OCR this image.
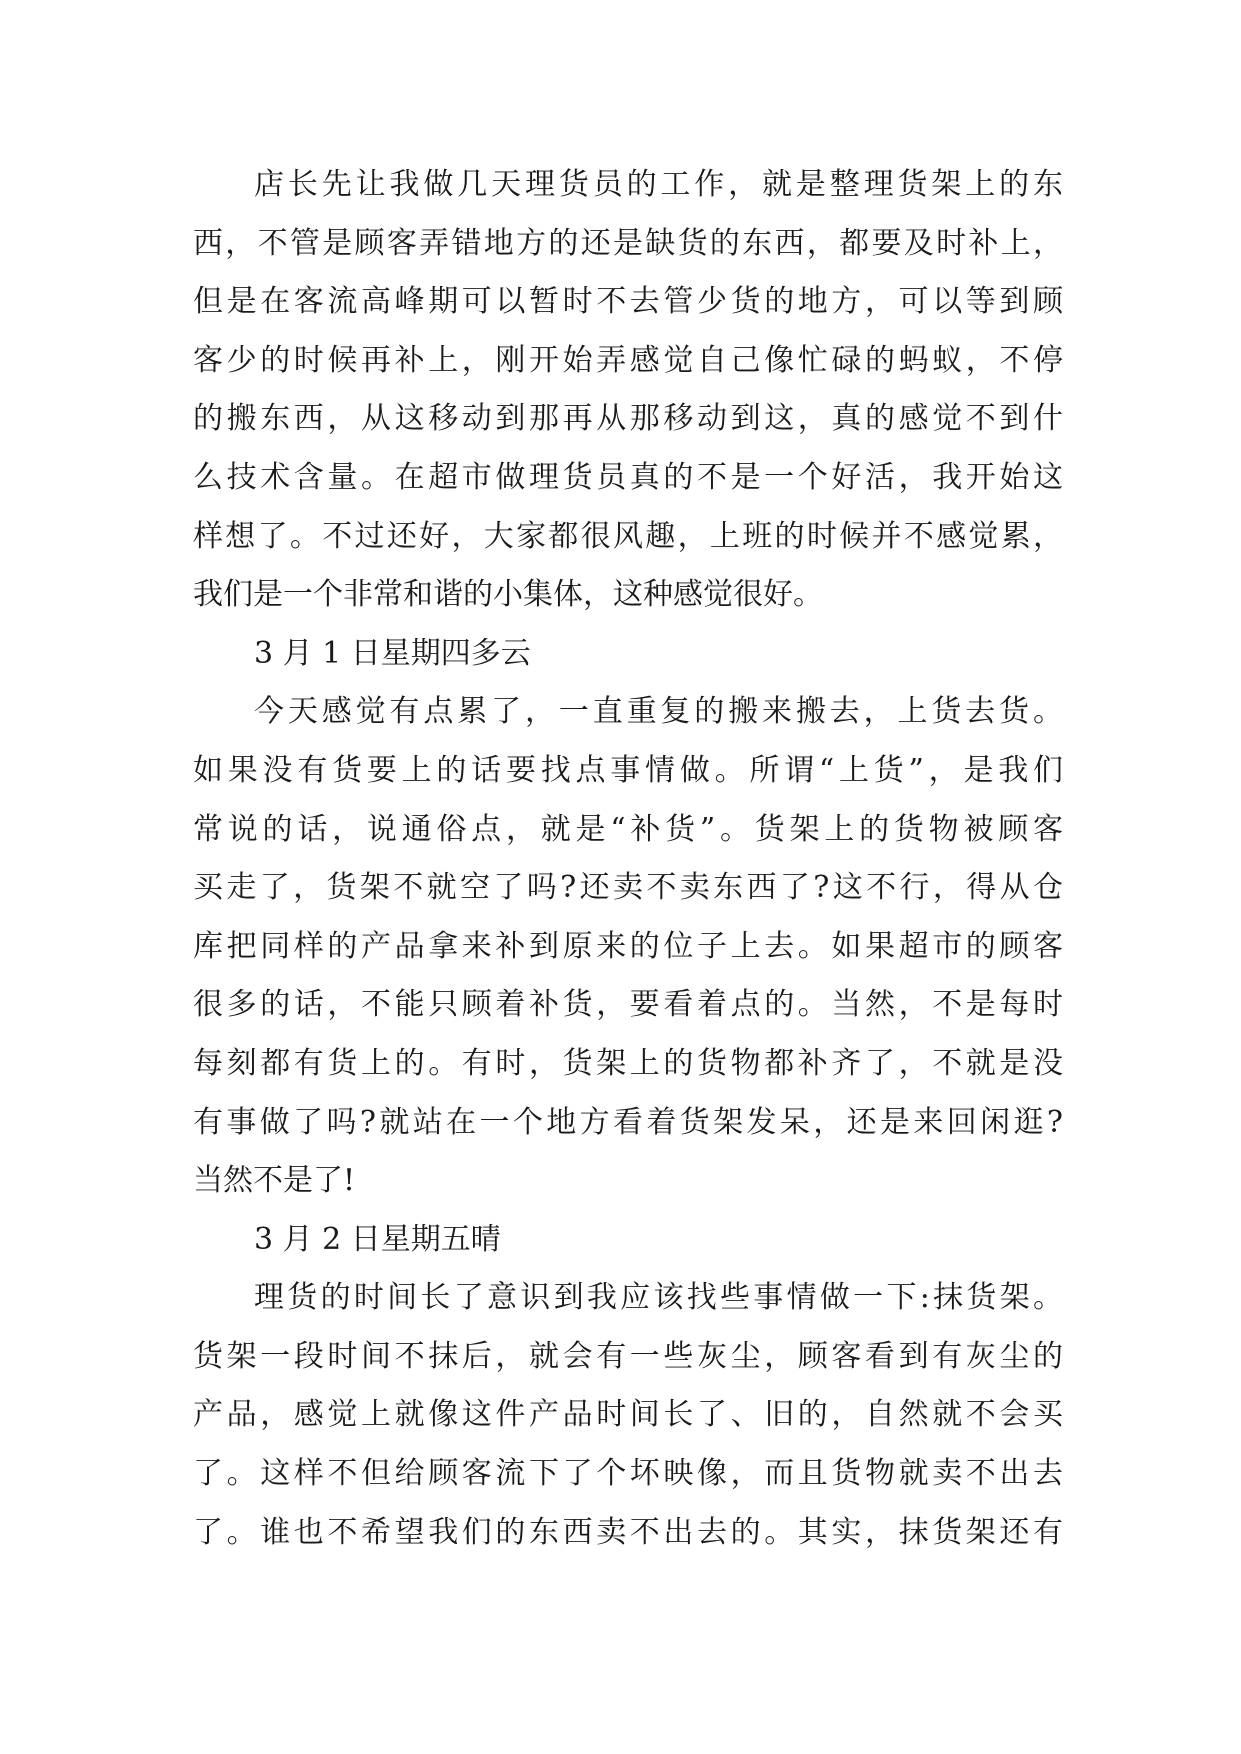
店长先让我做几天理货员的工作，就是整理货架上的东
西，不管是顾客弄错地方的还是缺货的东西，都要及时补上，
但是在客流高峰期可以暂时不去管少货的地方，可以等到顾
客少的时候再补上，刚开始弄感觉自己像忙碌的蚂蚁，不停
的搬东西，从这移动到那再从那移动到这，真的感觉不到什
么技术含量。在超市做理货员真的不是一个好活，我开始这
样想了。不过还好，大家都很风趣，上班的时候并不感觉累，
我们是一个非常和谐的小集体，这种感觉很好。
3 月 1 日星期四多云
今天感觉有点累了，一直重复的搬来搬去，上货去货。
如果没有货要上的话要找点事情做。所谓“上货”，是我们
常说的话，说通俗点，就是“补货”。货架上的货物被顾客
买走了，货架不就空了吗?还卖不卖东西了?这不行，得从仓
库把同样的产品拿来补到原来的位子上去。如果超市的顾客
很多的话，不能只顾着补货，要看着点的。当然，不是每时
每刻都有货上的。有时，货架上的货物都补齐了，不就是没
有事做了吗?就站在一个地方看着货架发呆，还是来回闲逛?
当然不是了!
3 月 2 日星期五晴
理货的时间长了意识到我应该找些事情做一下:抹货架。
货架一段时间不抹后，就会有一些灰尘，顾客看到有灰尘的
产品，感觉上就像这件产品时间长了、旧的，自然就不会买
了。这样不但给顾客流下了个坏映像，而且货物就卖不出去
了。谁也不希望我们的东西卖不出去的。其实，抹货架还有
